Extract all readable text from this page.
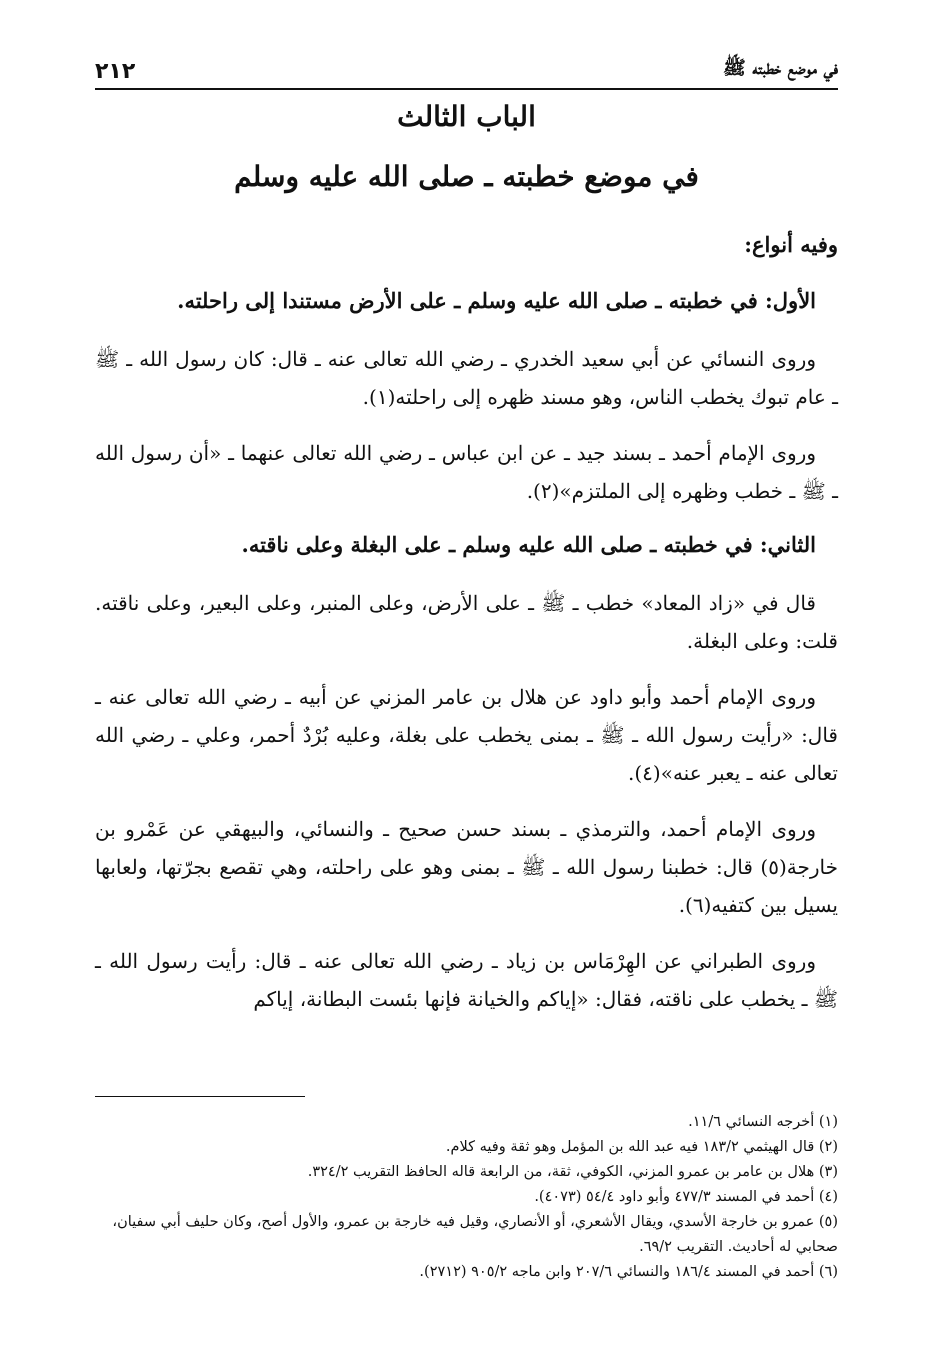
في موضع خطبته ﷺ
٢١٢
الباب الثالث
في موضع خطبته ـ صلى الله عليه وسلم

وفيه أنواع:

الأول: في خطبته ـ صلى الله عليه وسلم ـ على الأرض مستندا إلى راحلته.

وروى النسائي عن أبي سعيد الخدري ـ رضي الله تعالى عنه ـ قال: كان رسول الله ـ ﷺ ـ عام تبوك يخطب الناس، وهو مسند ظهره إلى راحلته(١).

وروى الإمام أحمد ـ بسند جيد ـ عن ابن عباس ـ رضي الله تعالى عنهما ـ «أن رسول الله ـ ﷺ ـ خطب وظهره إلى الملتزم»(٢).

الثاني: في خطبته ـ صلى الله عليه وسلم ـ على البغلة وعلى ناقته.

قال في «زاد المعاد» خطب ـ ﷺ ـ على الأرض، وعلى المنبر، وعلى البعير، وعلى ناقته. قلت: وعلى البغلة.

وروى الإمام أحمد وأبو داود عن هلال بن عامر المزني عن أبيه ـ رضي الله تعالى عنه ـ قال: «رأيت رسول الله ـ ﷺ ـ بمنى يخطب على بغلة، وعليه بُرْدٌ أحمر، وعلي ـ رضي الله تعالى عنه ـ يعبر عنه»(٤).

وروى الإمام أحمد، والترمذي ـ بسند حسن صحيح ـ والنسائي، والبيهقي عن عَمْرو بن خارجة(٥) قال: خطبنا رسول الله ـ ﷺ ـ بمنى وهو على راحلته، وهي تقصع بجرّتها، ولعابها يسيل بين كتفيه(٦).

وروى الطبراني عن الهِرْمَاس بن زياد ـ رضي الله تعالى عنه ـ قال: رأيت رسول الله ـ ﷺ ـ يخطب على ناقته، فقال: «إياكم والخيانة فإنها بئست البطانة، إياكم

(١) أخرجه النسائي ١١/٦.

(٢) قال الهيثمي ١٨٣/٢ فيه عبد الله بن المؤمل وهو ثقة وفيه كلام.

(٣) هلال بن عامر بن عمرو المزني، الكوفي، ثقة، من الرابعة قاله الحافظ التقريب ٣٢٤/٢.

(٤) أحمد في المسند ٤٧٧/٣ وأبو داود ٥٤/٤ (٤٠٧٣).

(٥) عمرو بن خارجة الأسدي، ويقال الأشعري، أو الأنصاري، وقيل فيه خارجة بن عمرو، والأول أصح، وكان حليف أبي سفيان، صحابي له أحاديث. التقريب ٦٩/٢.

(٦) أحمد في المسند ١٨٦/٤ والنسائي ٢٠٧/٦ وابن ماجه ٩٠٥/٢ (٢٧١٢).
